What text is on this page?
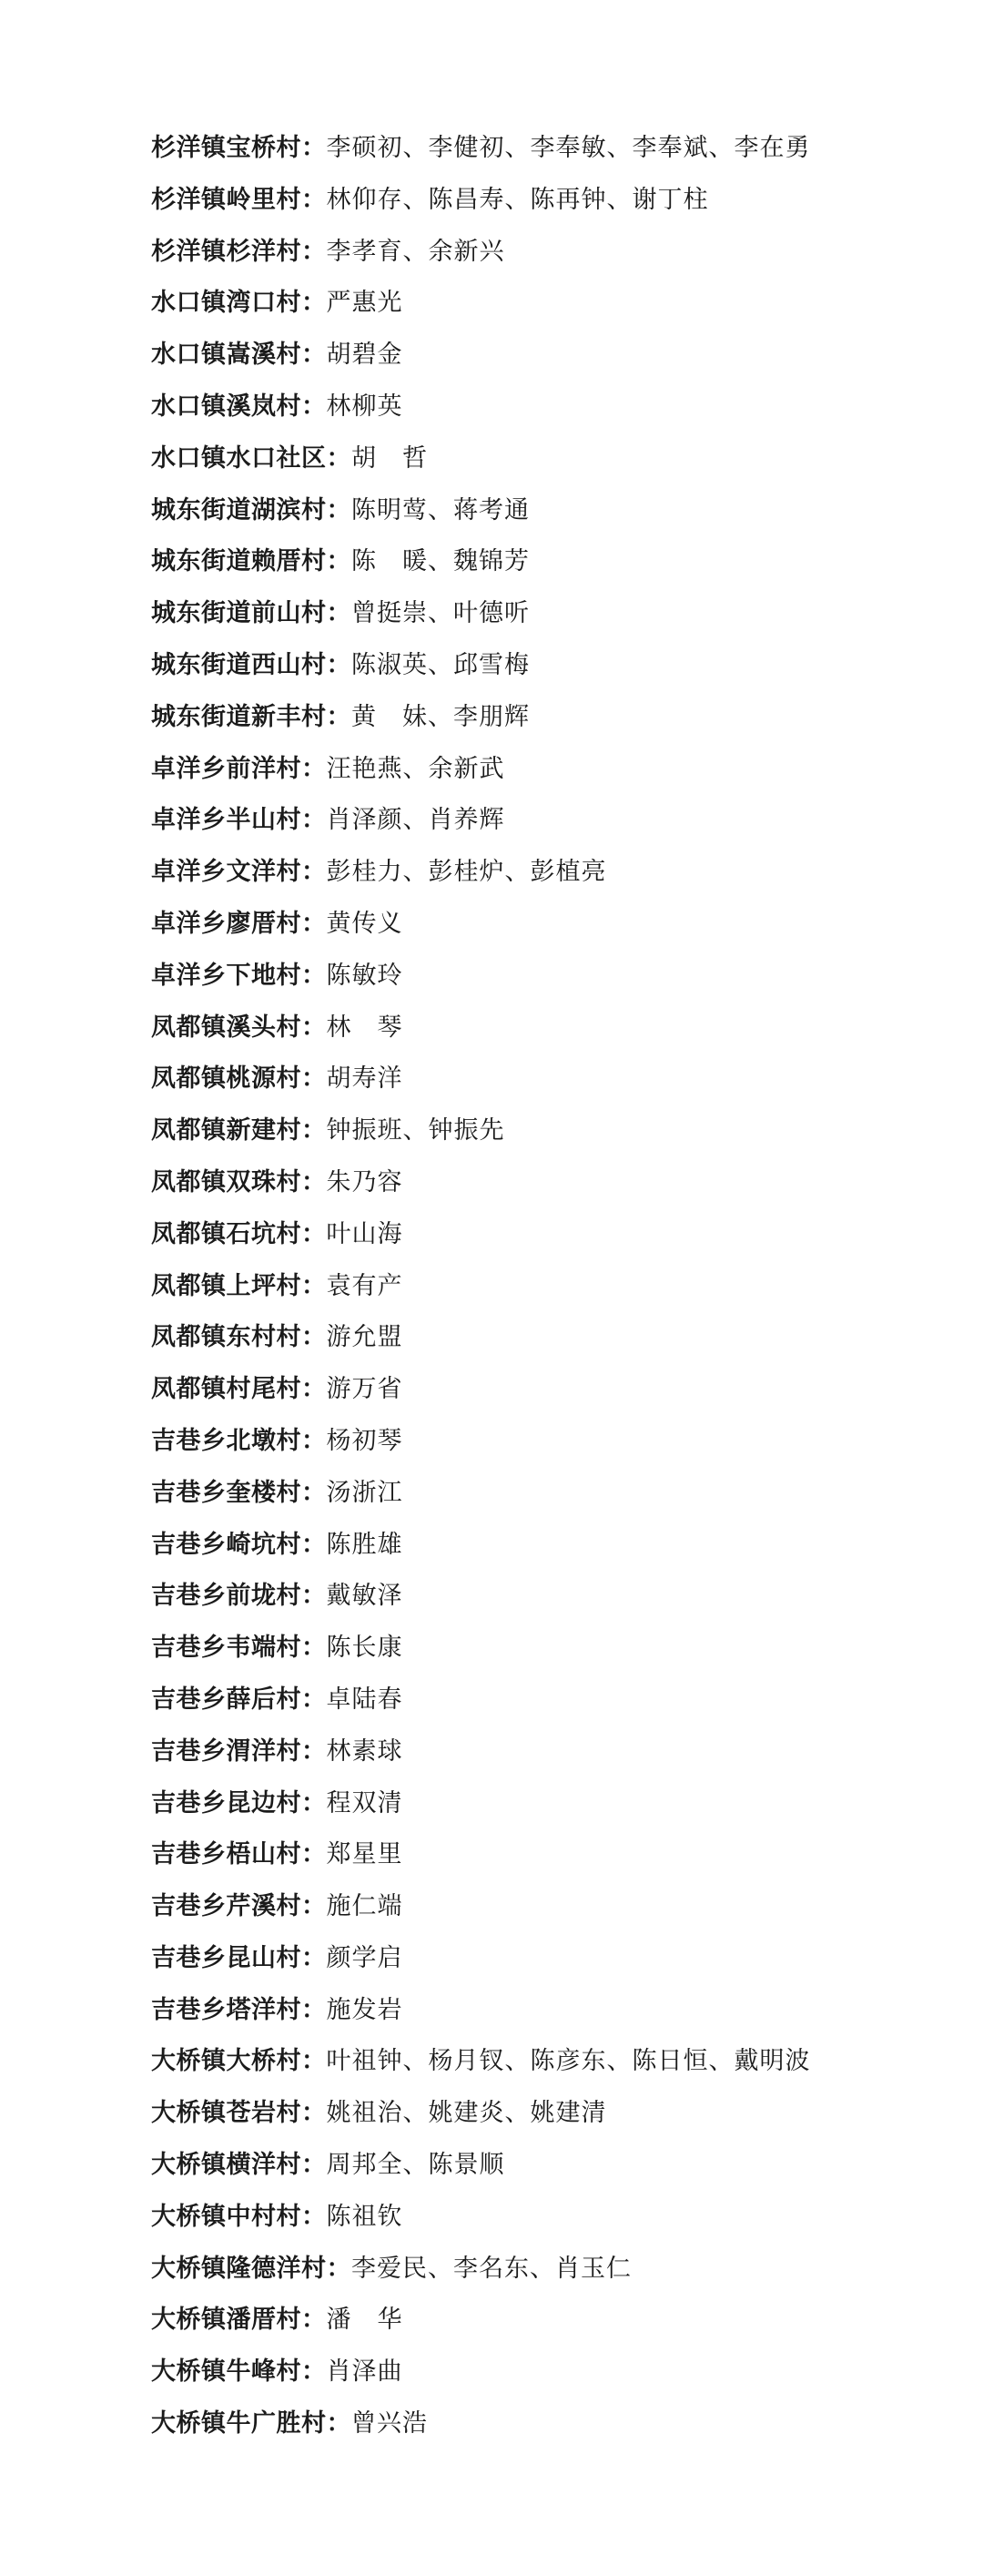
杉洋镇宝桥村：李硕初、李健初、李奉敏、李奉斌、李在勇
杉洋镇岭里村：林仰存、陈昌寿、陈再钟、谢丁柱
杉洋镇杉洋村：李孝育、余新兴
水口镇湾口村：严惠光
水口镇嵩溪村：胡碧金
水口镇溪岚村：林柳英
水口镇水口社区：胡　哲
城东街道湖滨村：陈明莺、蒋考通
城东街道赖厝村：陈　暖、魏锦芳
城东街道前山村：曾挺崇、叶德听
城东街道西山村：陈淑英、邱雪梅
城东街道新丰村：黄　妹、李朋辉
卓洋乡前洋村：汪艳燕、余新武
卓洋乡半山村：肖泽颜、肖养辉
卓洋乡文洋村：彭桂力、彭桂炉、彭植亮
卓洋乡廖厝村：黄传义
卓洋乡下地村：陈敏玲
凤都镇溪头村：林　琴
凤都镇桃源村：胡寿洋
凤都镇新建村：钟振班、钟振先
凤都镇双珠村：朱乃容
凤都镇石坑村：叶山海
凤都镇上坪村：袁有产
凤都镇东村村：游允盟
凤都镇村尾村：游万省
吉巷乡北墩村：杨初琴
吉巷乡奎楼村：汤浙江
吉巷乡崎坑村：陈胜雄
吉巷乡前垅村：戴敏泽
吉巷乡韦端村：陈长康
吉巷乡薛后村：卓陆春
吉巷乡渭洋村：林素球
吉巷乡昆边村：程双清
吉巷乡梧山村：郑星里
吉巷乡芹溪村：施仁端
吉巷乡昆山村：颜学启
吉巷乡塔洋村：施发岩
大桥镇大桥村：叶祖钟、杨月钗、陈彦东、陈日恒、戴明波
大桥镇苍岩村：姚祖治、姚建炎、姚建清
大桥镇横洋村：周邦全、陈景顺
大桥镇中村村：陈祖钦
大桥镇隆德洋村：李爱民、李名东、肖玉仁
大桥镇潘厝村：潘　华
大桥镇牛峰村：肖泽曲
大桥镇牛广胜村：曾兴浩
